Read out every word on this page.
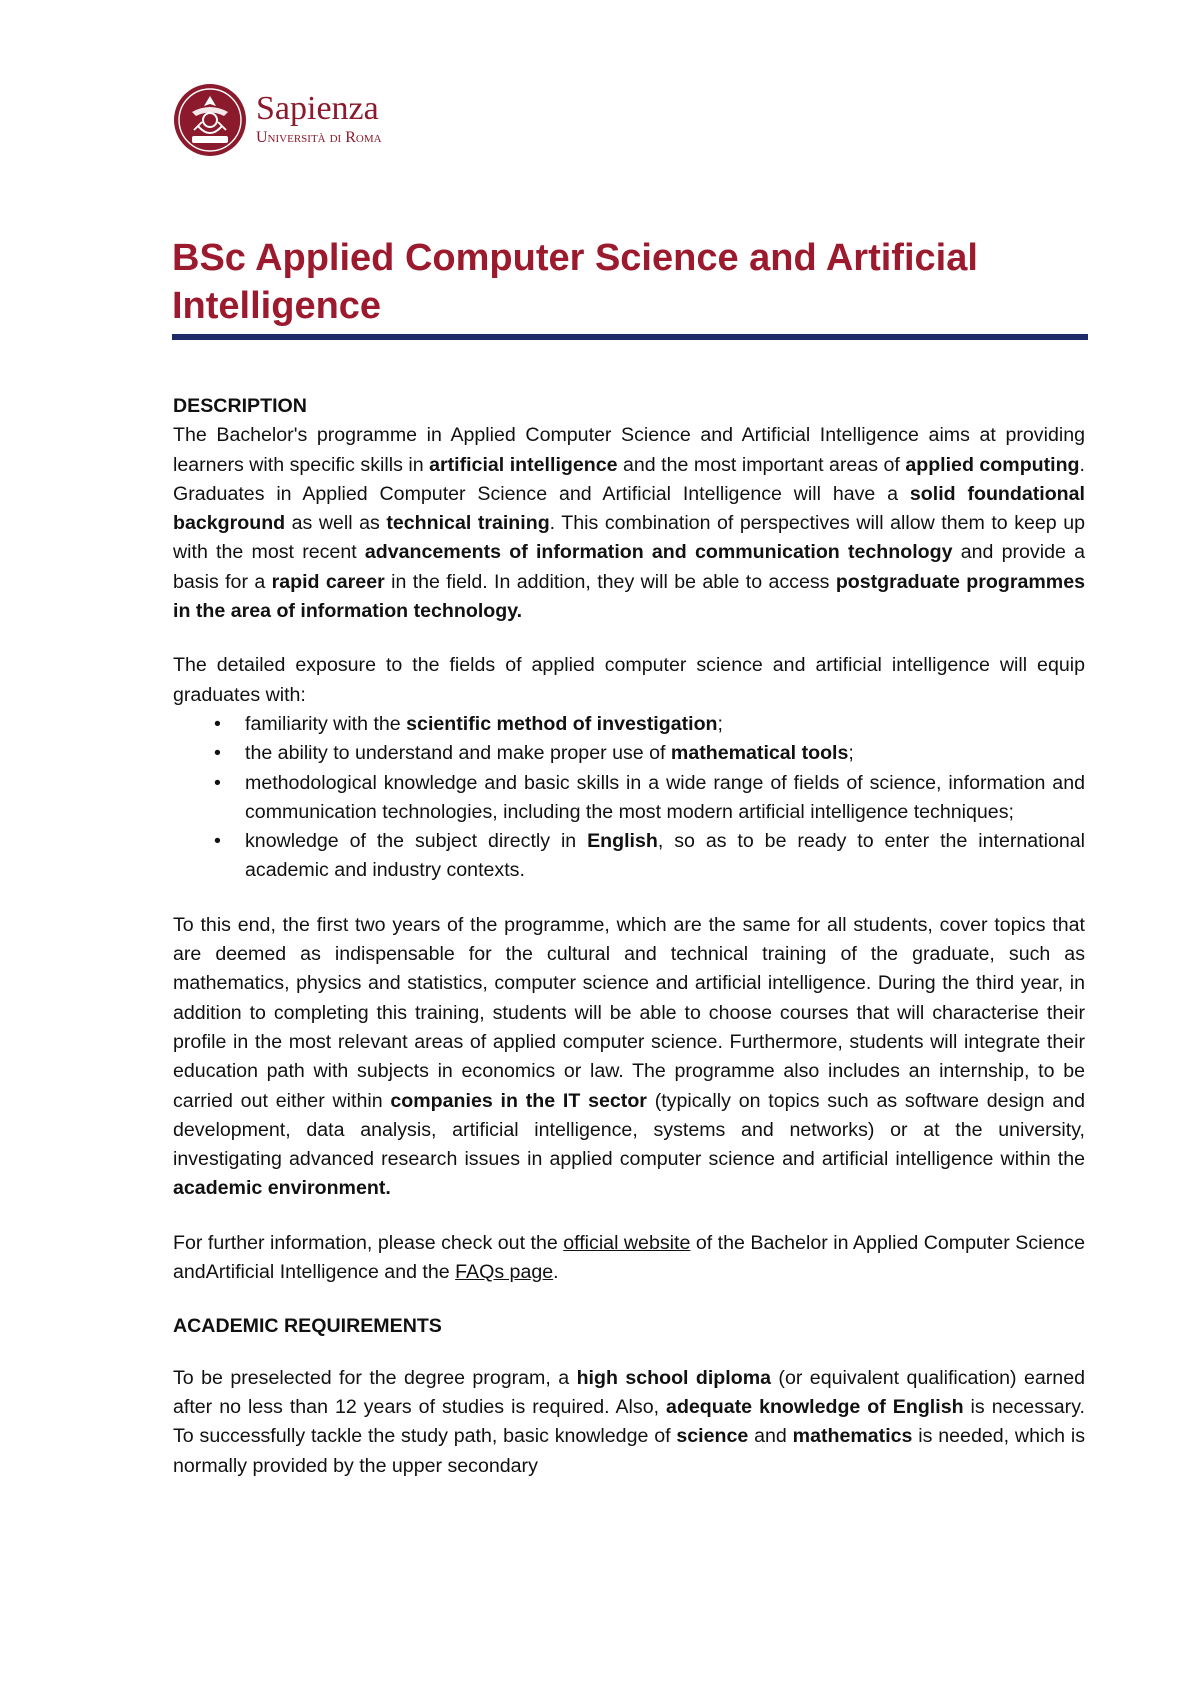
Sapienza
Università di Roma
BSc Applied Computer Science and Artificial Intelligence

DESCRIPTION

The Bachelor's programme in Applied Computer Science and Artificial Intelligence aims at providing learners with specific skills in artificial intelligence and the most important areas of applied computing. Graduates in Applied Computer Science and Artificial Intelligence will have a solid foundational background as well as technical training. This combination of perspectives will allow them to keep up with the most recent advancements of information and communication technology and provide a basis for a rapid career in the field. In addition, they will be able to access postgraduate programmes in the area of information technology.

The detailed exposure to the fields of applied computer science and artificial intelligence will equip graduates with:

• familiarity with the scientific method of investigation;
• the ability to understand and make proper use of mathematical tools;
• methodological knowledge and basic skills in a wide range of fields of science, information and communication technologies, including the most modern artificial intelligence techniques;
• knowledge of the subject directly in English, so as to be ready to enter the international academic and industry contexts.

To this end, the first two years of the programme, which are the same for all students, cover topics that are deemed as indispensable for the cultural and technical training of the graduate, such as mathematics, physics and statistics, computer science and artificial intelligence. During the third year, in addition to completing this training, students will be able to choose courses that will characterise their profile in the most relevant areas of applied computer science. Furthermore, students will integrate their education path with subjects in economics or law. The programme also includes an internship, to be carried out either within companies in the IT sector (typically on topics such as software design and development, data analysis, artificial intelligence, systems and networks) or at the university, investigating advanced research issues in applied computer science and artificial intelligence within the academic environment.

For further information, please check out the official website of the Bachelor in Applied Computer Science andArtificial Intelligence and the FAQs page.

ACADEMIC REQUIREMENTS

To be preselected for the degree program, a high school diploma (or equivalent qualification) earned after no less than 12 years of studies is required. Also, adequate knowledge of English is necessary. To successfully tackle the study path, basic knowledge of science and mathematics is needed, which is normally provided by the upper secondary
